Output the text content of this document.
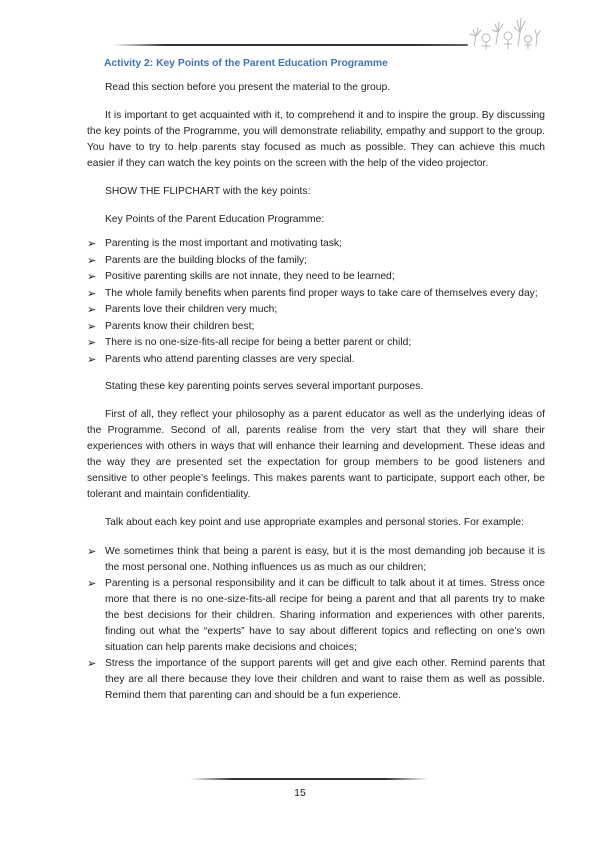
Activity 2: Key Points of the Parent Education Programme

Read this section before you present the material to the group.

It is important to get acquainted with it, to comprehend it and to inspire the group. By discussing the key points of the Programme, you will demonstrate reliability, empathy and support to the group. You have to try to help parents stay focused as much as possible. They can achieve this much easier if they can watch the key points on the screen with the help of the video projector.

SHOW THE FLIPCHART with the key points:

Key Points of the Parent Education Programme:

➢ Parenting is the most important and motivating task;
➢ Parents are the building blocks of the family;
➢ Positive parenting skills are not innate, they need to be learned;
➢ The whole family benefits when parents find proper ways to take care of themselves every day;
➢ Parents love their children very much;
➢ Parents know their children best;
➢ There is no one-size-fits-all recipe for being a better parent or child;
➢ Parents who attend parenting classes are very special.

Stating these key parenting points serves several important purposes.

First of all, they reflect your philosophy as a parent educator as well as the underlying ideas of the Programme. Second of all, parents realise from the very start that they will share their experiences with others in ways that will enhance their learning and development. These ideas and the way they are presented set the expectation for group members to be good listeners and sensitive to other people’s feelings. This makes parents want to participate, support each other, be tolerant and maintain confidentiality.

Talk about each key point and use appropriate examples and personal stories. For example:

➢ We sometimes think that being a parent is easy, but it is the most demanding job because it is the most personal one. Nothing influences us as much as our children;
➢ Parenting is a personal responsibility and it can be difficult to talk about it at times. Stress once more that there is no one-size-fits-all recipe for being a parent and that all parents try to make the best decisions for their children. Sharing information and experiences with other parents, finding out what the “experts” have to say about different topics and reflecting on one’s own situation can help parents make decisions and choices;
➢ Stress the importance of the support parents will get and give each other. Remind parents that they are all there because they love their children and want to raise them as well as possible. Remind them that parenting can and should be a fun experience.
15
